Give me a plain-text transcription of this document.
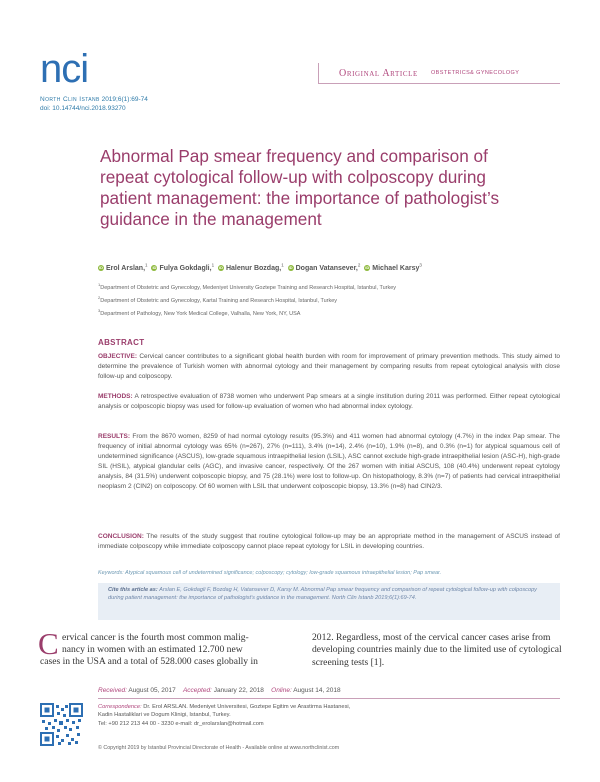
nci	Original Article OBSTETRICS& GYNECOLOGY
North Clin Istanb 2019;6(1):69-74
doi: 10.14744/nci.2018.93270
Abnormal Pap smear frequency and comparison of repeat cytological follow-up with colposcopy during patient management: the importance of pathologist’s guidance in the management
iD Erol Arslan,$^1$ iD Fulya Gokdagli,$^1$ iD Halenur Bozdag,$^1$ iD Dogan Vatansever,$^2$ iD Michael Karsy$^3$
$^1$Department of Obstetric and Gynecology, Medeniyet University Goztepe Training and Research Hospital, Istanbul, Turkey
$^2$Department of Obstetric and Gynecology, Kartal Training and Research Hospital, Istanbul, Turkey
$^3$Department of Pathology, New York Medical College, Valhalla, New York, NY, USA
ABSTRACT
OBJECTIVE: Cervical cancer contributes to a significant global health burden with room for improvement of primary prevention methods. This study aimed to determine the prevalence of Turkish women with abnormal cytology and their management by comparing results from repeat cytological analysis with close follow-up and colposcopy.
METHODS: A retrospective evaluation of 8738 women who underwent Pap smears at a single institution during 2011 was performed. Either repeat cytological analysis or colposcopic biopsy was used for follow-up evaluation of women who had abnormal index cytology.
RESULTS: From the 8670 women, 8259 of had normal cytology results (95.3%) and 411 women had abnormal cytology (4.7%) in the index Pap smear. The frequency of initial abnormal cytology was 65% (n=267), 27% (n=111), 3.4% (n=14), 2.4% (n=10), 1.9% (n=8), and 0.3% (n=1) for atypical squamous cell of undetermined significance (ASCUS), low-grade squamous intraepithelial lesion (LSIL), ASC cannot exclude high-grade intraepithelial lesion (ASC-H), high-grade SIL (HSIL), atypical glandular cells (AGC), and invasive cancer, respectively. Of the 267 women with initial ASCUS, 108 (40.4%) underwent repeat cytology analysis, 84 (31.5%) underwent colposcopic biopsy, and 75 (28.1%) were lost to follow-up. On histopathology, 8.3% (n=7) of patients had cervical intraepithelial neoplasm 2 (CIN2) on colposcopy. Of 60 women with LSIL that underwent colposcopic biopsy, 13.3% (n=8) had CIN2/3.
CONCLUSION: The results of the study suggest that routine cytological follow-up may be an appropriate method in the management of ASCUS instead of immediate colposcopy while immediate colposcopy cannot place repeat cytology for LSIL in developing countries.
Keywords: Atypical squamous cell of undetermined significance; colposcopy; cytology; low-grade squamous intraepithelial lesion; Pap smear.
Cite this article as: Arslan E, Gokdagli F, Bozdag H, Vatansever D, Karsy M. Abnormal Pap smear frequency and comparison of repeat cytological follow-up with colposcopy during patient management: the importance of pathologist’s guidance in the management. North Clin Istanb 2019;6(1):69-74.
C ervical cancer is the fourth most common malig-
nancy in women with an estimated 12.700 new
cases in the USA and a total of 528.000 cases globally in
2012. Regardless, most of the cervical cancer cases arise from developing countries mainly due to the limited use of cytological screening tests [1].
Received: August 05, 2017 Accepted: January 22, 2018 Online: August 14, 2018
Correspondence: Dr. Erol ARSLAN. Medeniyet Universitesi, Goztepe Egitim ve Arastirma Hastanesi,
Kadin Hastaliklari ve Dogum Klinigi, Istanbul, Turkey.
Tel: +90 212 213 44 00 - 3230 e-mail: dr_erolarslan@hotmail.com
© Copyright 2019 by Istanbul Provincial Directorate of Health - Available online at www.northclinist.com
